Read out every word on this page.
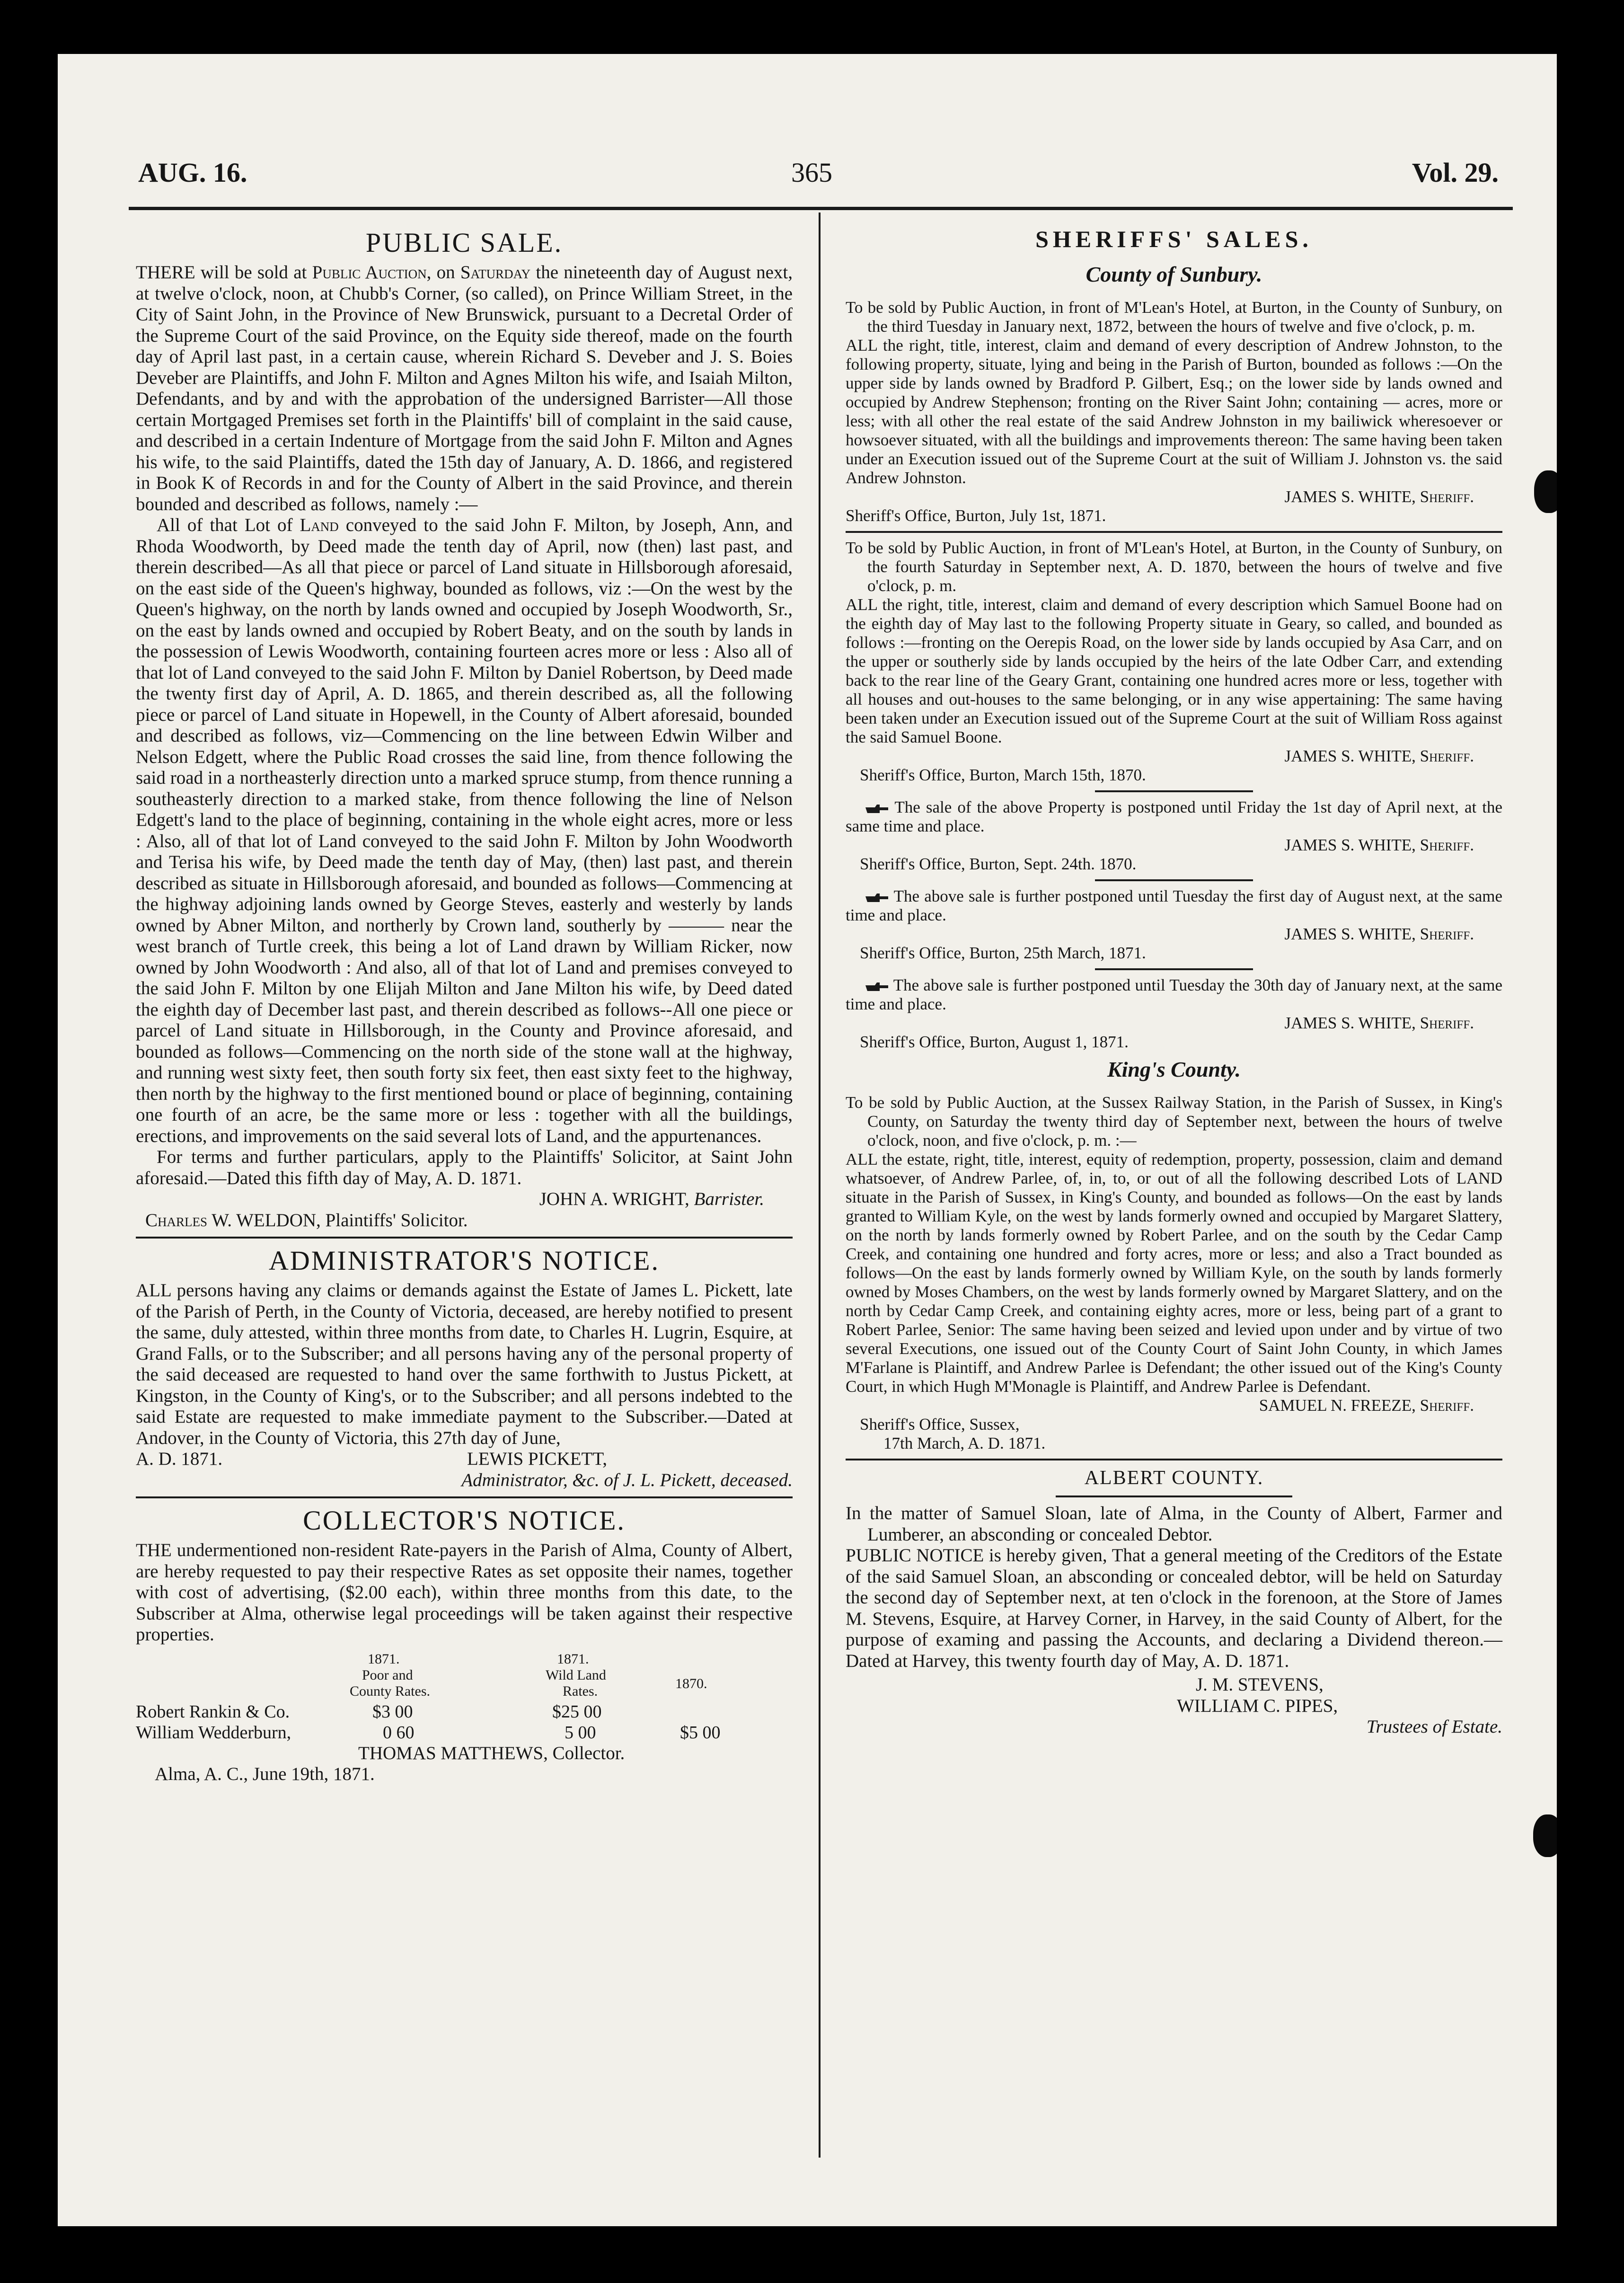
AUG. 16.	365	Vol. 29.
PUBLIC SALE.

THERE will be sold at Public Auction, on Saturday the nineteenth day of August next, at twelve o'clock, noon, at Chubb's Corner, (so called), on Prince William Street, in the City of Saint John, in the Province of New Brunswick, pursuant to a Decretal Order of the Supreme Court of the said Province, on the Equity side thereof, made on the fourth day of April last past, in a certain cause, wherein Richard S. Deveber and J. S. Boies Deveber are Plaintiffs, and John F. Milton and Agnes Milton his wife, and Isaiah Milton, Defendants, and by and with the approbation of the undersigned Barrister—All those certain Mortgaged Premises set forth in the Plaintiffs' bill of complaint in the said cause, and described in a certain Indenture of Mortgage from the said John F. Milton and Agnes his wife, to the said Plaintiffs, dated the 15th day of January, A. D. 1866, and registered in Book K of Records in and for the County of Albert in the said Province, and therein bounded and described as follows, namely :—

All of that Lot of Land conveyed to the said John F. Milton, by Joseph, Ann, and Rhoda Woodworth, by Deed made the tenth day of April, now (then) last past, and therein described—As all that piece or parcel of Land situate in Hillsborough aforesaid, on the east side of the Queen's highway, bounded as follows, viz :—On the west by the Queen's highway, on the north by lands owned and occupied by Joseph Woodworth, Sr., on the east by lands owned and occupied by Robert Beaty, and on the south by lands in the possession of Lewis Woodworth, containing fourteen acres more or less : Also all of that lot of Land conveyed to the said John F. Milton by Daniel Robertson, by Deed made the twenty first day of April, A. D. 1865, and therein described as, all the following piece or parcel of Land situate in Hopewell, in the County of Albert aforesaid, bounded and described as follows, viz—Commencing on the line between Edwin Wilber and Nelson Edgett, where the Public Road crosses the said line, from thence following the said road in a northeasterly direction unto a marked spruce stump, from thence running a southeasterly direction to a marked stake, from thence following the line of Nelson Edgett's land to the place of beginning, containing in the whole eight acres, more or less : Also, all of that lot of Land conveyed to the said John F. Milton by John Woodworth and Terisa his wife, by Deed made the tenth day of May, (then) last past, and therein described as situate in Hillsborough aforesaid, and bounded as follows—Commencing at the highway adjoining lands owned by George Steves, easterly and westerly by lands owned by Abner Milton, and northerly by Crown land, southerly by ——— near the west branch of Turtle creek, this being a lot of Land drawn by William Ricker, now owned by John Woodworth : And also, all of that lot of Land and premises conveyed to the said John F. Milton by one Elijah Milton and Jane Milton his wife, by Deed dated the eighth day of December last past, and therein described as follows--All one piece or parcel of Land situate in Hillsborough, in the County and Province aforesaid, and bounded as follows—Commencing on the north side of the stone wall at the highway, and running west sixty feet, then south forty six feet, then east sixty feet to the highway, then north by the highway to the first mentioned bound or place of beginning, containing one fourth of an acre, be the same more or less : together with all the buildings, erections, and improvements on the said several lots of Land, and the appurtenances.

For terms and further particulars, apply to the Plaintiffs' Solicitor, at Saint John aforesaid.—Dated this fifth day of May, A. D. 1871.

JOHN A. WRIGHT, Barrister.

Charles W. WELDON, Plaintiffs' Solicitor.

ADMINISTRATOR'S NOTICE.

ALL persons having any claims or demands against the Estate of James L. Pickett, late of the Parish of Perth, in the County of Victoria, deceased, are hereby notified to present the same, duly attested, within three months from date, to Charles H. Lugrin, Esquire, at Grand Falls, or to the Subscriber; and all persons having any of the personal property of the said deceased are requested to hand over the same forthwith to Justus Pickett, at Kingston, in the County of King's, or to the Subscriber; and all persons indebted to the said Estate are requested to make immediate payment to the Subscriber.—Dated at Andover, in the County of Victoria, this 27th day of June,

A. D. 1871.	LEWIS PICKETT,

Administrator, &c. of J. L. Pickett, deceased.

COLLECTOR'S NOTICE.

THE undermentioned non-resident Rate-payers in the Parish of Alma, County of Albert, are hereby requested to pay their respective Rates as set opposite their names, together with cost of advertising, ($2.00 each), within three months from this date, to the Subscriber at Alma, otherwise legal proceedings will be taken against their respective properties.

1871.	1871.
Poor and	Wild Land
County Rates.	Rates.	1870.
Robert Rankin & Co.	$3 00	$25 00
William Wedderburn,	0 60	5 00	$5 00

THOMAS MATTHEWS, Collector.

Alma, A. C., June 19th, 1871.

SHERIFFS' SALES.
County of Sunbury.

To be sold by Public Auction, in front of M'Lean's Hotel, at Burton, in the County of Sunbury, on the third Tuesday in January next, 1872, between the hours of twelve and five o'clock, p. m.

ALL the right, title, interest, claim and demand of every description of Andrew Johnston, to the following property, situate, lying and being in the Parish of Burton, bounded as follows :—On the upper side by lands owned by Bradford P. Gilbert, Esq.; on the lower side by lands owned and occupied by Andrew Stephenson; fronting on the River Saint John; containing — acres, more or less; with all other the real estate of the said Andrew Johnston in my bailiwick wheresoever or howsoever situated, with all the buildings and improvements thereon: The same having been taken under an Execution issued out of the Supreme Court at the suit of William J. Johnston vs. the said Andrew Johnston.

JAMES S. WHITE, Sheriff.

Sheriff's Office, Burton, July 1st, 1871.

To be sold by Public Auction, in front of M'Lean's Hotel, at Burton, in the County of Sunbury, on the fourth Saturday in September next, A. D. 1870, between the hours of twelve and five o'clock, p. m.

ALL the right, title, interest, claim and demand of every description which Samuel Boone had on the eighth day of May last to the following Property situate in Geary, so called, and bounded as follows :—fronting on the Oerepis Road, on the lower side by lands occupied by Asa Carr, and on the upper or southerly side by lands occupied by the heirs of the late Odber Carr, and extending back to the rear line of the Geary Grant, containing one hundred acres more or less, together with all houses and out-houses to the same belonging, or in any wise appertaining: The same having been taken under an Execution issued out of the Supreme Court at the suit of William Ross against the said Samuel Boone.

JAMES S. WHITE, Sheriff.

Sheriff's Office, Burton, March 15th, 1870.

The sale of the above Property is postponed until Friday the 1st day of April next, at the same time and place.

JAMES S. WHITE, Sheriff.

Sheriff's Office, Burton, Sept. 24th. 1870.

The above sale is further postponed until Tuesday the first day of August next, at the same time and place.

JAMES S. WHITE, Sheriff.

Sheriff's Office, Burton, 25th March, 1871.

The above sale is further postponed until Tuesday the 30th day of January next, at the same time and place.

JAMES S. WHITE, Sheriff.

Sheriff's Office, Burton, August 1, 1871.

King's County.

To be sold by Public Auction, at the Sussex Railway Station, in the Parish of Sussex, in King's County, on Saturday the twenty third day of September next, between the hours of twelve o'clock, noon, and five o'clock, p. m. :—

ALL the estate, right, title, interest, equity of redemption, property, possession, claim and demand whatsoever, of Andrew Parlee, of, in, to, or out of all the following described Lots of LAND situate in the Parish of Sussex, in King's County, and bounded as follows—On the east by lands granted to William Kyle, on the west by lands formerly owned and occupied by Margaret Slattery, on the north by lands formerly owned by Robert Parlee, and on the south by the Cedar Camp Creek, and containing one hundred and forty acres, more or less; and also a Tract bounded as follows—On the east by lands formerly owned by William Kyle, on the south by lands formerly owned by Moses Chambers, on the west by lands formerly owned by Margaret Slattery, and on the north by Cedar Camp Creek, and containing eighty acres, more or less, being part of a grant to Robert Parlee, Senior: The same having been seized and levied upon under and by virtue of two several Executions, one issued out of the County Court of Saint John County, in which James M'Farlane is Plaintiff, and Andrew Parlee is Defendant; the other issued out of the King's County Court, in which Hugh M'Monagle is Plaintiff, and Andrew Parlee is Defendant.

SAMUEL N. FREEZE, Sheriff.

Sheriff's Office, Sussex,

17th March, A. D. 1871.

ALBERT COUNTY.

In the matter of Samuel Sloan, late of Alma, in the County of Albert, Farmer and Lumberer, an absconding or concealed Debtor.

PUBLIC NOTICE is hereby given, That a general meeting of the Creditors of the Estate of the said Samuel Sloan, an absconding or concealed debtor, will be held on Saturday the second day of September next, at ten o'clock in the forenoon, at the Store of James M. Stevens, Esquire, at Harvey Corner, in Harvey, in the said County of Albert, for the purpose of examing and passing the Accounts, and declaring a Dividend thereon.—Dated at Harvey, this twenty fourth day of May, A. D. 1871.

J. M. STEVENS,

WILLIAM C. PIPES,

Trustees of Estate.
